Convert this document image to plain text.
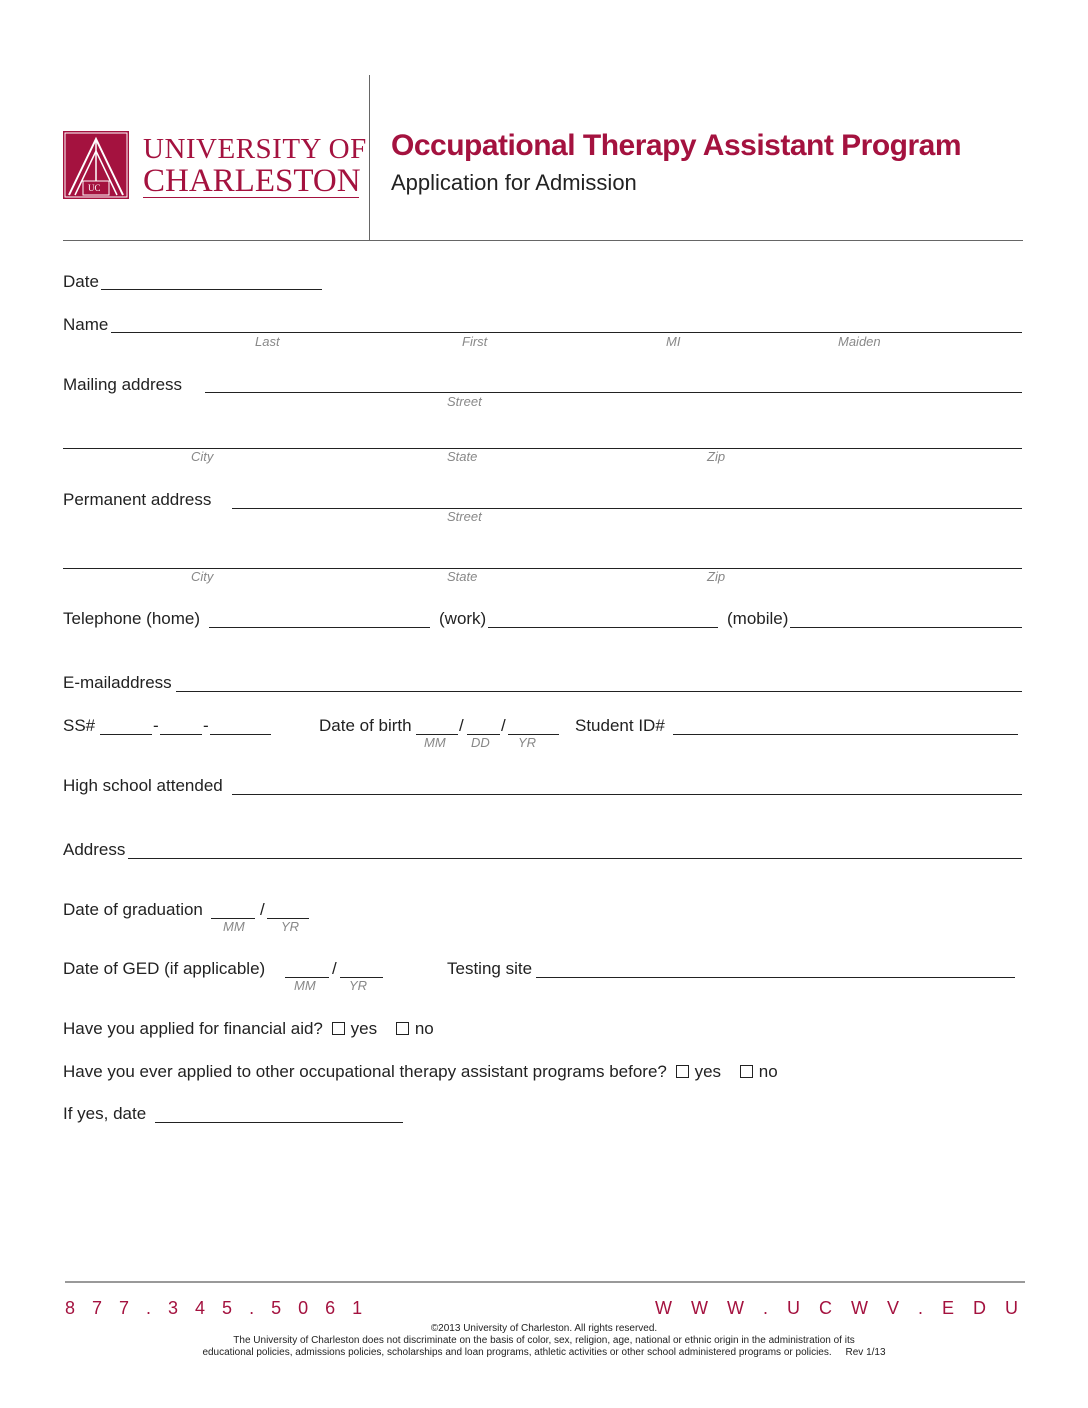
UC
UNIVERSITY OF
CHARLESTON
Occupational Therapy Assistant Program
Application for Admission
Date
Name
Last	First	MI	Maiden
Mailing address
Street
City	State	Zip
Permanent address
Street
City	State	Zip
Telephone (home)	(work)	(mobile)
E-mailaddress
SS#	-	-	Date of birth	/ /
MM DD YR
Student ID#
High school attended
Address
Date of graduation	/
MM	YR
Date of GED (if applicable)	/
MM	YR
Testing site
Have you applied for financial aid? yes no
Have you ever applied to other occupational therapy assistant programs before? yes no
If yes, date
8 7 7 . 3 4 5 . 5 0 6 1	W W W . U C W V . E D U
©2013 University of Charleston. All rights reserved.
The University of Charleston does not discriminate on the basis of color, sex, religion, age, national or ethnic origin in the administration of its
educational policies, admissions policies, scholarships and loan programs, athletic activities or other school administered programs or policies.     Rev 1/13
